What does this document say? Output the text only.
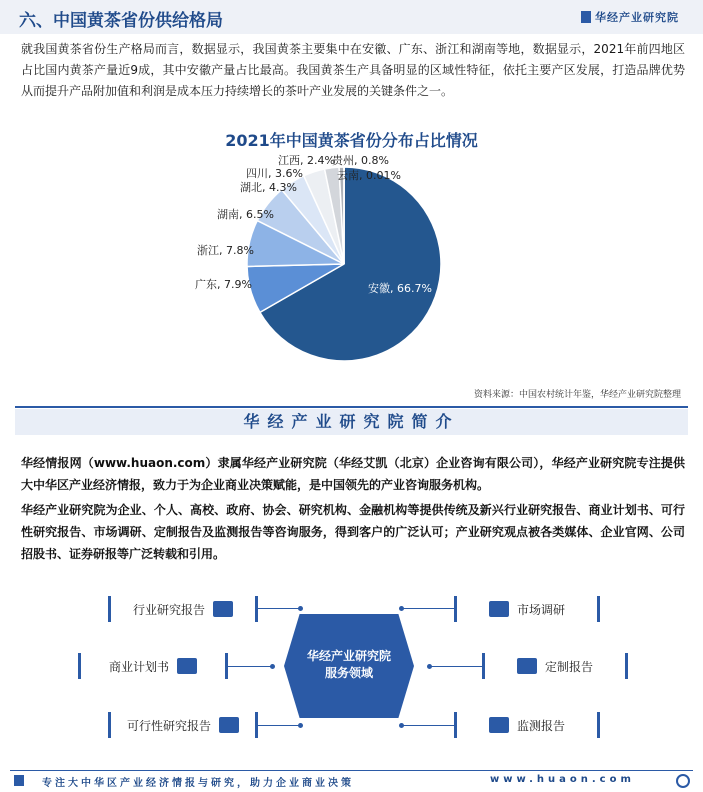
六、中国黄茶省份供给格局	华经产业研究院
就我国黄茶省份生产格局而言，数据显示，我国黄茶主要集中在安徽、广东、浙江和湖南等地，数据显示，2021年前四地区占比国内黄茶产量近9成，其中安徽产量占比最高。我国黄茶生产具备明显的区域性特征，依托主要产区发展，打造品牌优势从而提升产品附加值和利润是成本压力持续增长的茶叶产业发展的关键条件之一。
2021年中国黄茶省份分布占比情况
安徽, 66.7%
广东, 7.9%
浙江, 7.8%
湖南, 6.5%
湖北, 4.3%
四川, 3.6%
江西, 2.4%
贵州, 0.8%
云南, 0.01%
资料来源：中国农村统计年鉴，华经产业研究院整理
华经产业研究院简介
华经情报网（www.huaon.com）隶属华经产业研究院（华经艾凯（北京）企业咨询有限公司），华经产业研究院专注提供大中华区产业经济情报，致力于为企业商业决策赋能，是中国领先的产业咨询服务机构。
华经产业研究院为企业、个人、高校、政府、协会、研究机构、金融机构等提供传统及新兴行业研究报告、商业计划书、可行性研究报告、市场调研、定制报告及监测报告等咨询服务，得到客户的广泛认可；产业研究观点被各类媒体、企业官网、公司招股书、证券研报等广泛转载和引用。
华经产业研究院
服务领域
行业研究报告
商业计划书
可行性研究报告
市场调研
定制报告
监测报告
专注大中华区产业经济情报与研究，助力企业商业决策	www.huaon.com
